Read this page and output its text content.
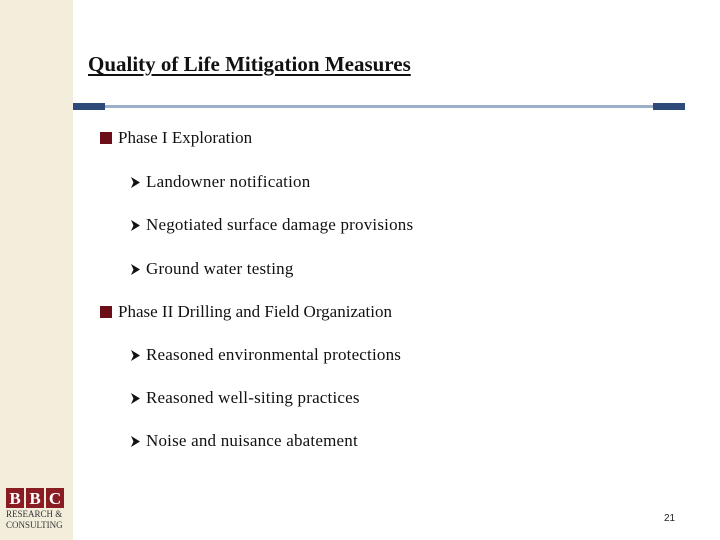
Quality of Life Mitigation Measures
Phase I Exploration
Landowner notification
Negotiated surface damage provisions
Ground water testing
Phase II Drilling and Field Organization
Reasoned environmental protections
Reasoned well-siting practices
Noise and nuisance abatement
B B C
RESEARCH &
CONSULTING
21
